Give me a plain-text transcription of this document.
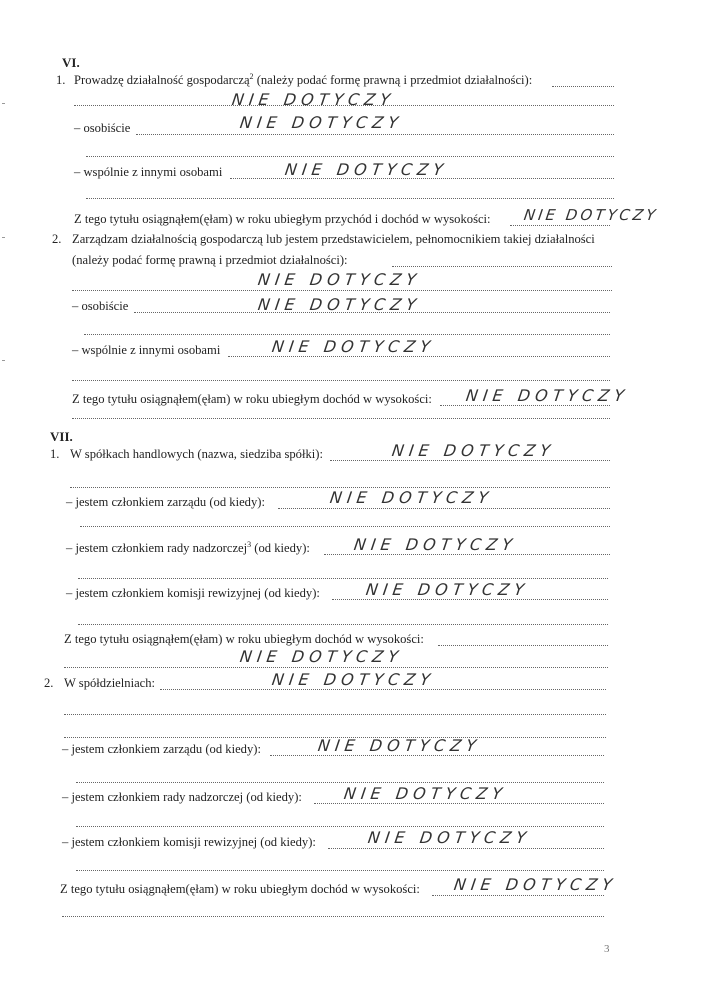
VI.
1. Prowadzę działalność gospodarczą$^2$ (należy podać formę prawną i przedmiot działalności):
NIE DOTYCZY
– osobiście	NIE DOTYCZY
– wspólnie z innymi osobami	NIE DOTYCZY
Z tego tytułu osiągnąłem(ęłam) w roku ubiegłym przychód i dochód w wysokości: NIE DOTYCZY
2. Zarządzam działalnością gospodarczą lub jestem przedstawicielem, pełnomocnikiem takiej działalności
(należy podać formę prawną i przedmiot działalności):
NIE DOTYCZY
– osobiście	NIE DOTYCZY
– wspólnie z innymi osobami	NIE DOTYCZY
Z tego tytułu osiągnąłem(ęłam) w roku ubiegłym dochód w wysokości: NIE DOTYCZY
VII.
1. W spółkach handlowych (nazwa, siedziba spółki):	NIE DOTYCZY
– jestem członkiem zarządu (od kiedy):	NIE DOTYCZY
– jestem członkiem rady nadzorczej$^3$ (od kiedy):	NIE DOTYCZY
– jestem członkiem komisji rewizyjnej (od kiedy):	NIE DOTYCZY
Z tego tytułu osiągnąłem(ęłam) w roku ubiegłym dochód w wysokości:
NIE DOTYCZY
2. W spółdzielniach:	NIE DOTYCZY
– jestem członkiem zarządu (od kiedy):	NIE DOTYCZY
– jestem członkiem rady nadzorczej (od kiedy):	NIE DOTYCZY
– jestem członkiem komisji rewizyjnej (od kiedy):	NIE DOTYCZY
Z tego tytułu osiągnąłem(ęłam) w roku ubiegłym dochód w wysokości: NIE DOTYCZY
3
